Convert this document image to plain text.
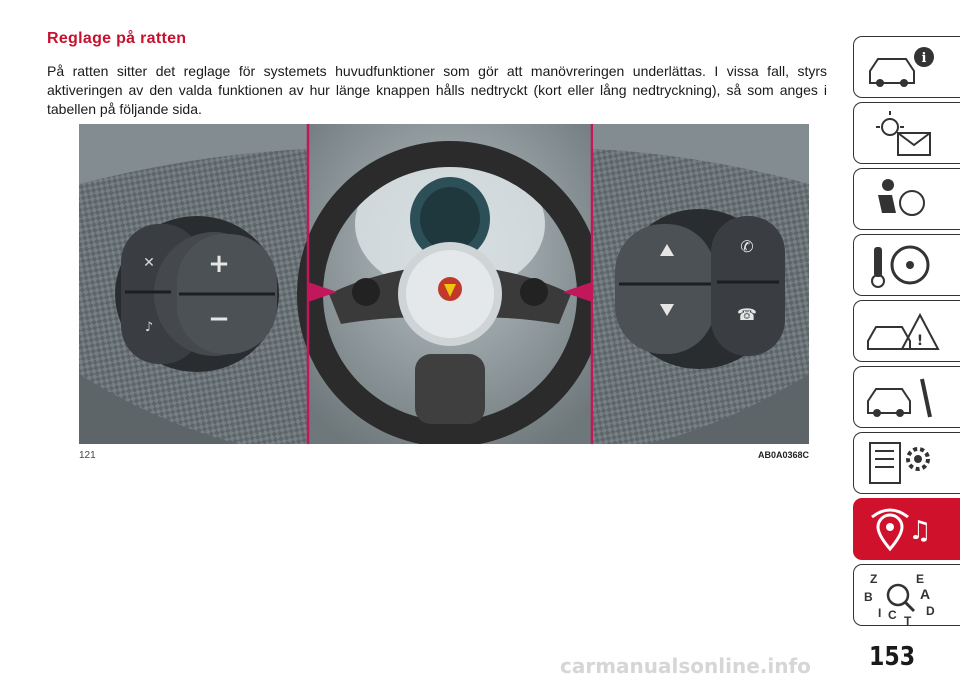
Reglage på ratten
På ratten sitter det reglage för systemets huvudfunktioner som gör att manövreringen underlättas. I vissa fall, styrs aktiveringen av den valda funktionen av hur länge knappen hålls nedtryckt (kort eller lång nedtryckning), så som anges i tabellen på följande sida.
+
−
✕
♪
✆
☎
121	AB0A0368C
i
!
♫
Z	E
A
B
C T
D
I
153
carmanualsonline.info
